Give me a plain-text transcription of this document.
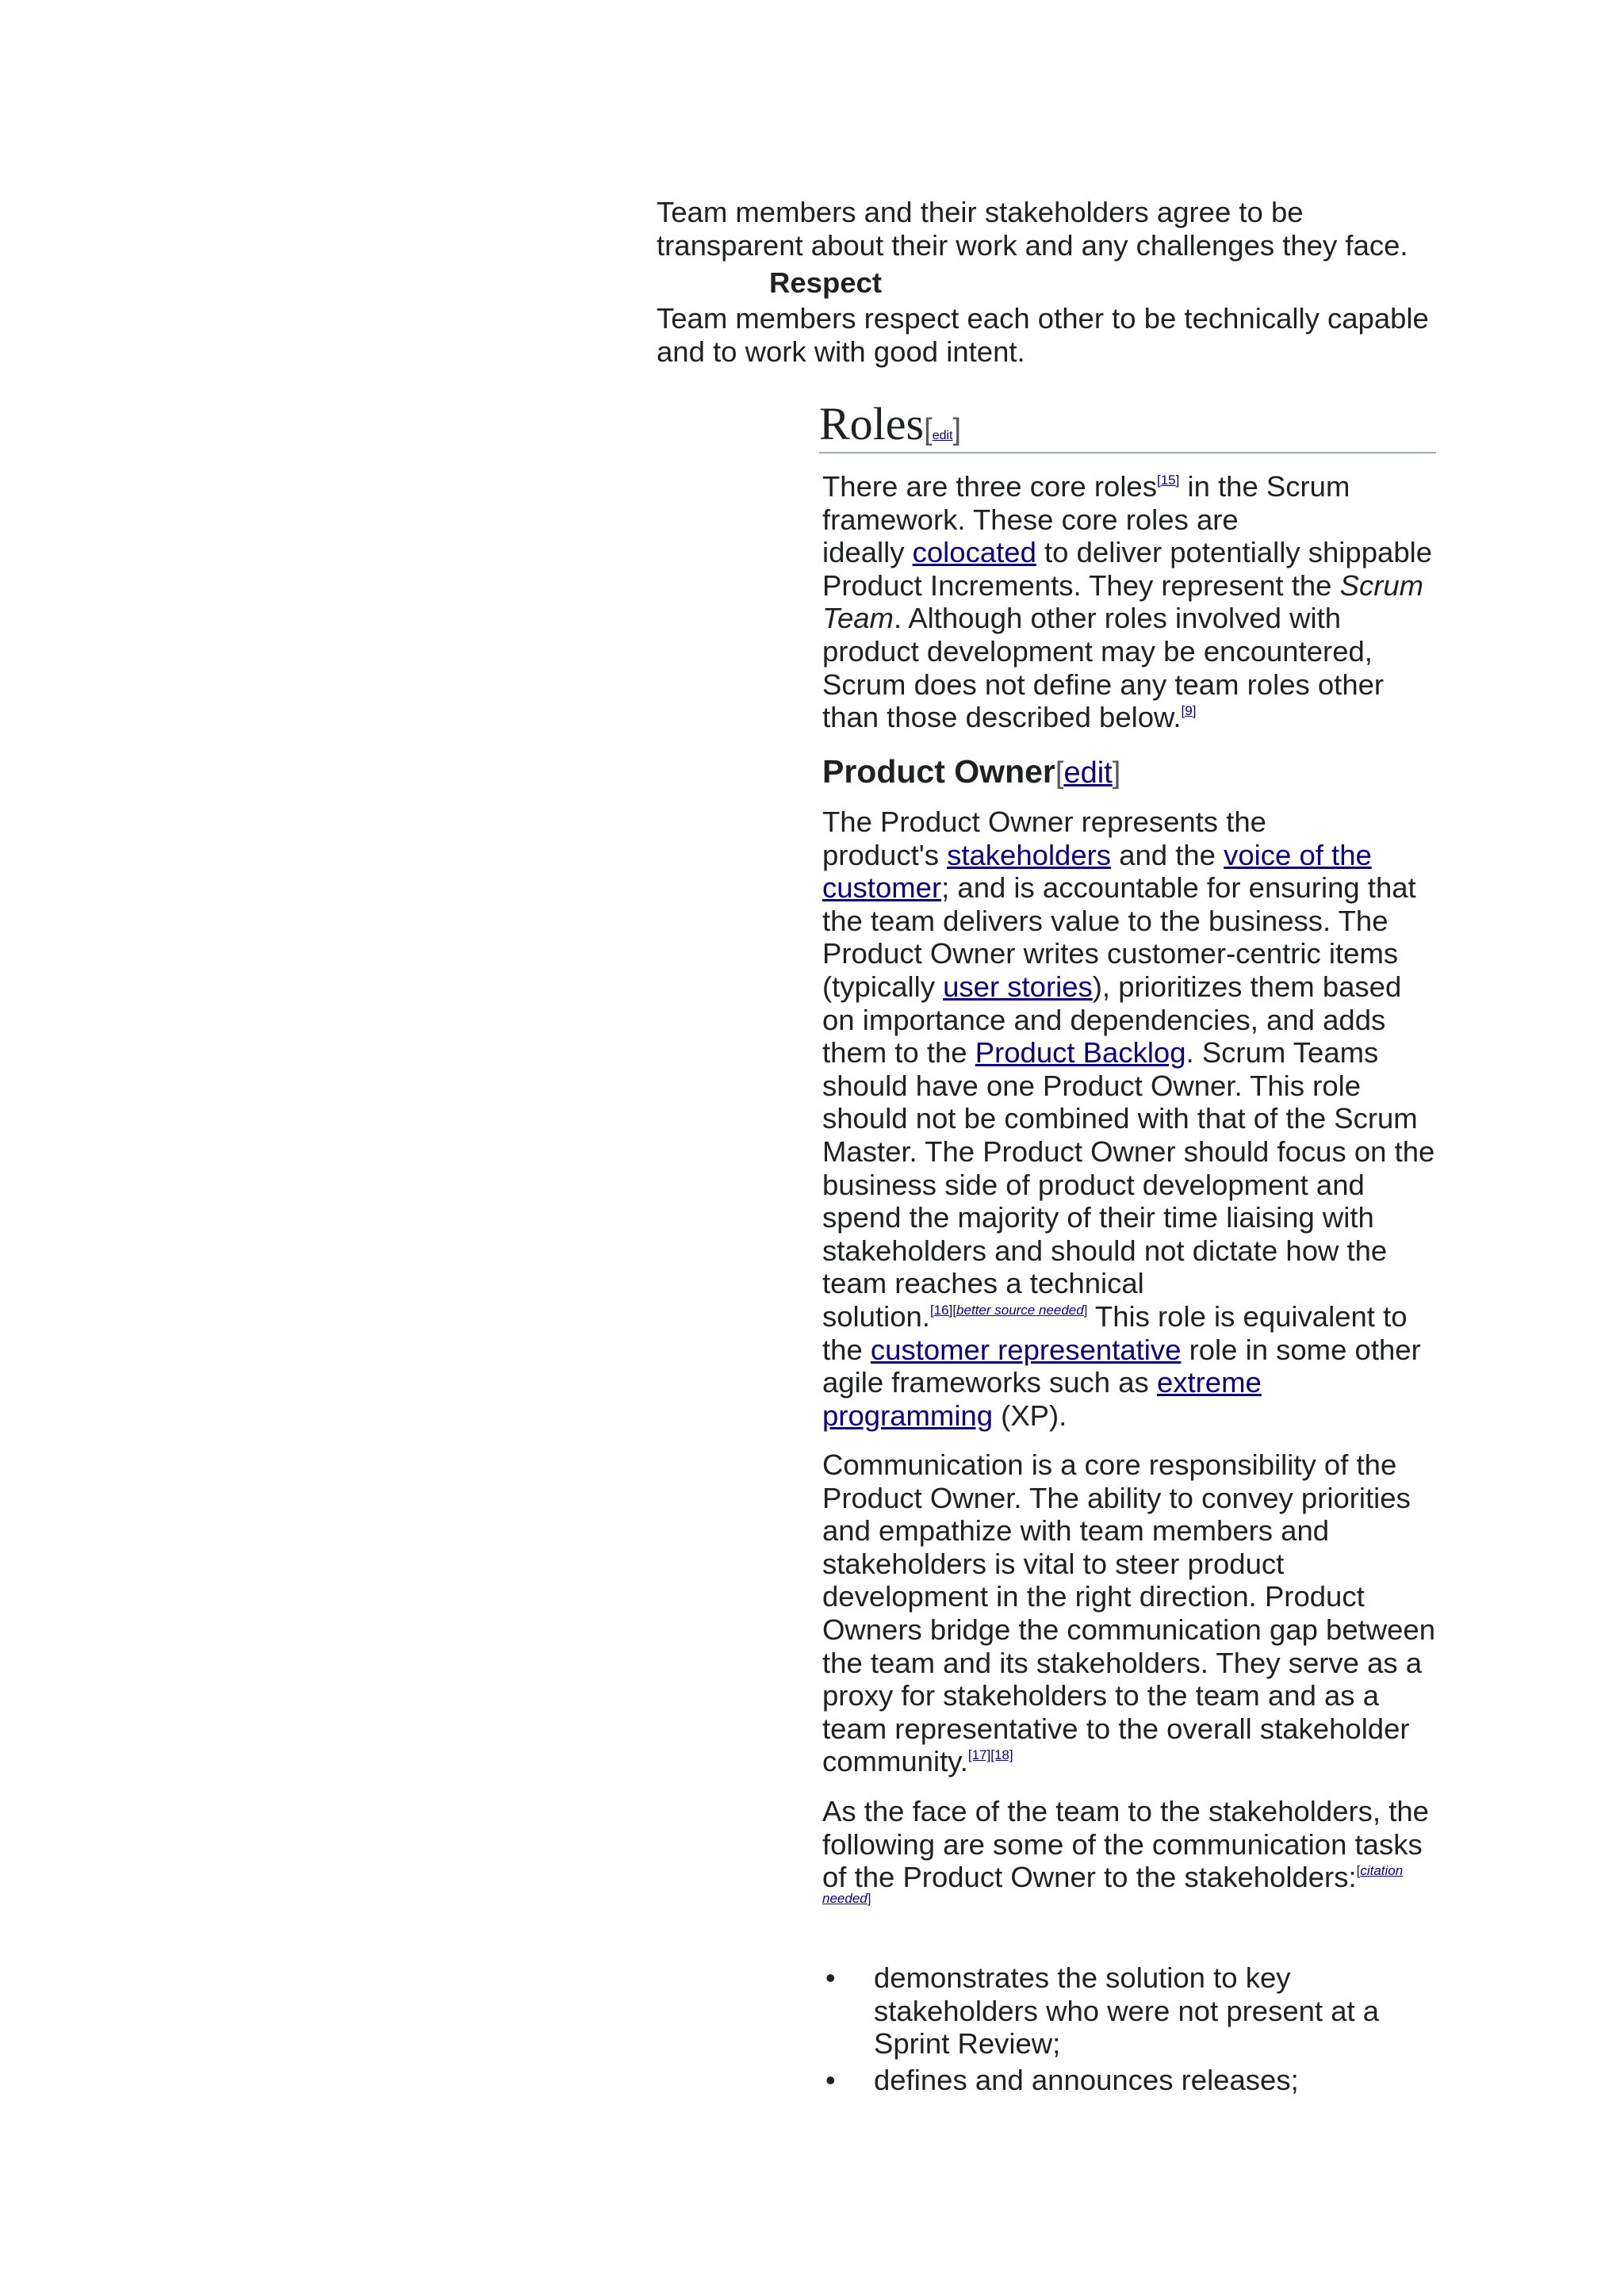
Team members and their stakeholders agree to be
transparent about their work and any challenges they face.
Respect
Team members respect each other to be technically capable
and to work with good intent.
Roles[edit]
There are three core roles[15] in the Scrum
framework. These core roles are
ideally colocated to deliver potentially shippable
Product Increments. They represent the Scrum
Team. Although other roles involved with
product development may be encountered,
Scrum does not define any team roles other
than those described below.[9]
Product Owner[edit]
The Product Owner represents the
product's stakeholders and the voice of the
customer; and is accountable for ensuring that
the team delivers value to the business. The
Product Owner writes customer-centric items
(typically user stories), prioritizes them based
on importance and dependencies, and adds
them to the Product Backlog. Scrum Teams
should have one Product Owner. This role
should not be combined with that of the Scrum
Master. The Product Owner should focus on the
business side of product development and
spend the majority of their time liaising with
stakeholders and should not dictate how the
team reaches a technical
solution.[16][better source needed] This role is equivalent to
the customer representative role in some other
agile frameworks such as extreme
programming (XP).
Communication is a core responsibility of the
Product Owner. The ability to convey priorities
and empathize with team members and
stakeholders is vital to steer product
development in the right direction. Product
Owners bridge the communication gap between
the team and its stakeholders. They serve as a
proxy for stakeholders to the team and as a
team representative to the overall stakeholder
community.[17][18]
As the face of the team to the stakeholders, the
following are some of the communication tasks
of the Product Owner to the stakeholders:$^{[citation}$
needed]
• demonstrates the solution to key
stakeholders who were not present at a
Sprint Review;
• defines and announces releases;
